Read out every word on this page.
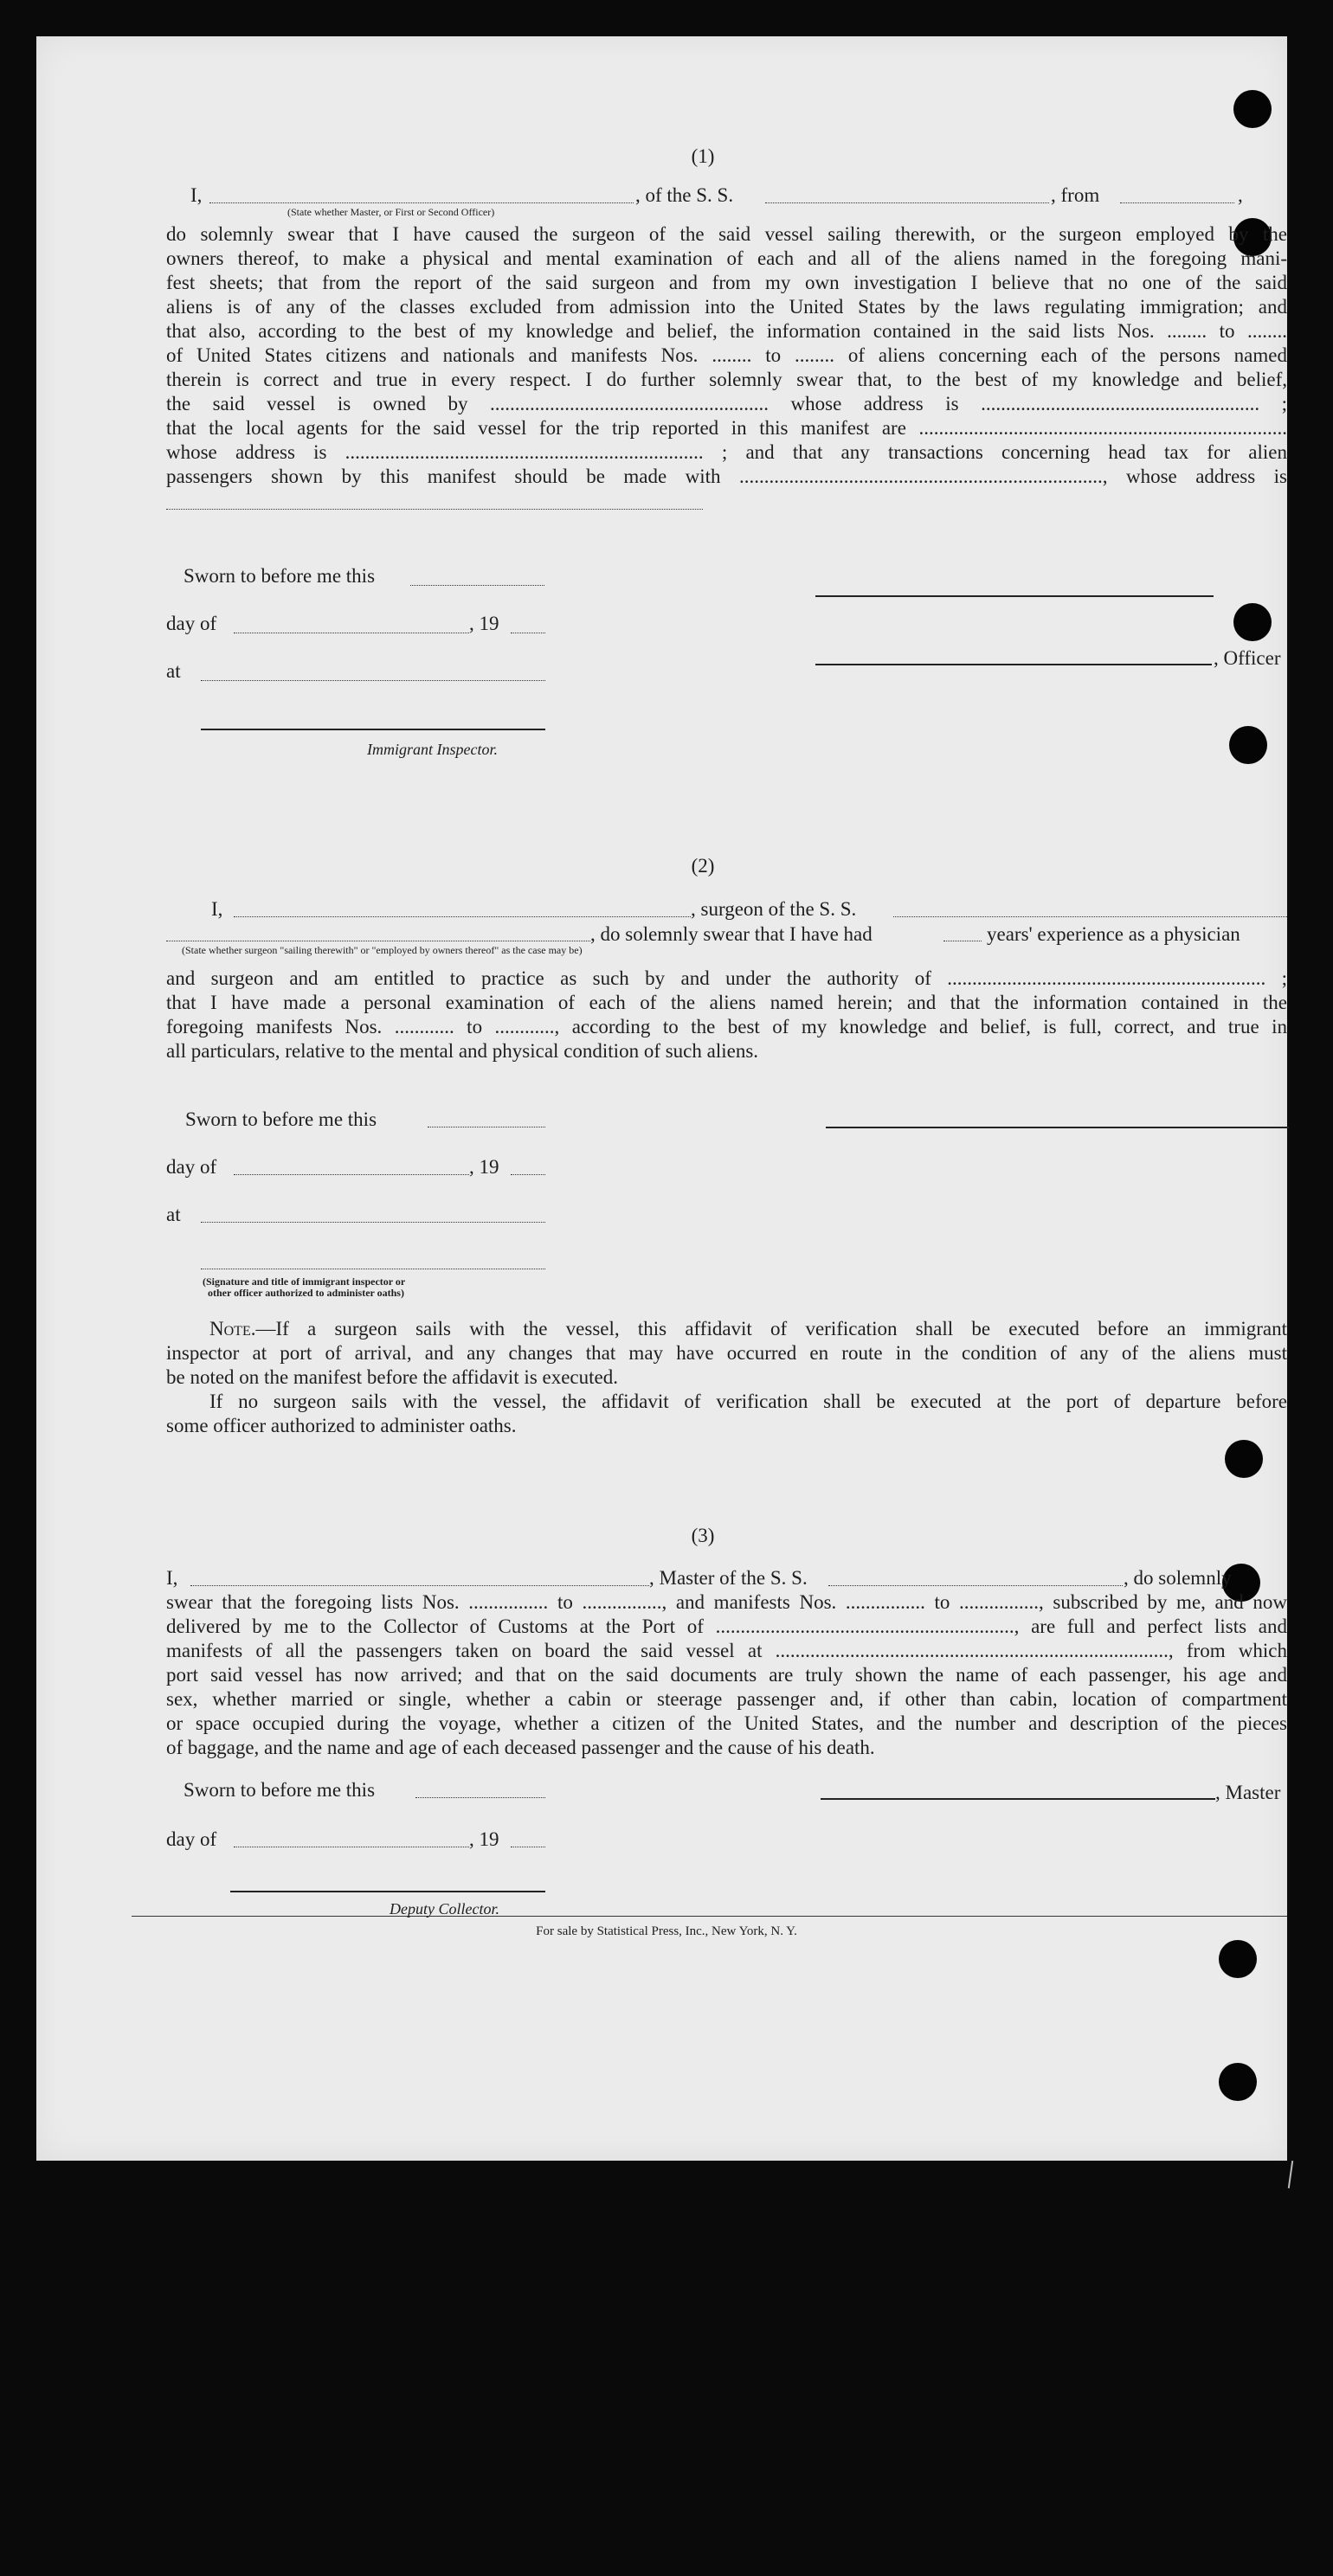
(1)
I,	, of the S. S.	, from	,
(State whether Master, or First or Second Officer)
do solemnly swear that I have caused the surgeon of the said vessel sailing therewith, or the surgeon employed by the
owners thereof, to make a physical and mental examination of each and all of the aliens named in the foregoing mani-
fest sheets; that from the report of the said surgeon and from my own investigation I believe that no one of the said
aliens is of any of the classes excluded from admission into the United States by the laws regulating immigration; and
that also, according to the best of my knowledge and belief, the information contained in the said lists Nos. ........ to ........
of United States citizens and nationals and manifests Nos. ........ to ........ of aliens concerning each of the persons named
therein is correct and true in every respect. I do further solemnly swear that, to the best of my knowledge and belief,
the said vessel is owned by ........................................................ whose address is ........................................................ ;
that the local agents for the said vessel for the trip reported in this manifest are ..........................................................................
whose address is ........................................................................ ; and that any transactions concerning head tax for alien
passengers shown by this manifest should be made with ........................................................................., whose address is
Sworn to before me this
day of	, 19
at
Immigrant Inspector.
, Officer
(2)
I,	, surgeon of the S. S.
, do solemnly swear that I have had	years' experience as a physician
(State whether surgeon "sailing therewith" or "employed by owners thereof" as the case may be)
and surgeon and am entitled to practice as such by and under the authority of ................................................................ ;
that I have made a personal examination of each of the aliens named herein; and that the information contained in the
foregoing manifests Nos. ............ to ............, according to the best of my knowledge and belief, is full, correct, and true in
all particulars, relative to the mental and physical condition of such aliens.
Sworn to before me this
day of	, 19
at
(Signature and title of immigrant inspector or
other officer authorized to administer oaths)
Note.—If a surgeon sails with the vessel, this affidavit of verification shall be executed before an immigrant
inspector at port of arrival, and any changes that may have occurred en route in the condition of any of the aliens must
be noted on the manifest before the affidavit is executed.
If no surgeon sails with the vessel, the affidavit of verification shall be executed at the port of departure before
some officer authorized to administer oaths.
(3)
I,	, Master of the S. S.	, do solemnly
swear that the foregoing lists Nos. ................ to ................, and manifests Nos. ................ to ................, subscribed by me, and now
delivered by me to the Collector of Customs at the Port of ............................................................, are full and perfect lists and
manifests of all the passengers taken on board the said vessel at ..............................................................................., from which
port said vessel has now arrived; and that on the said documents are truly shown the name of each passenger, his age and
sex, whether married or single, whether a cabin or steerage passenger and, if other than cabin, location of compartment
or space occupied during the voyage, whether a citizen of the United States, and the number and description of the pieces
of baggage, and the name and age of each deceased passenger and the cause of his death.
Sworn to before me this
day of	, 19
Deputy Collector.
, Master
For sale by Statistical Press, Inc., New York, N. Y.
